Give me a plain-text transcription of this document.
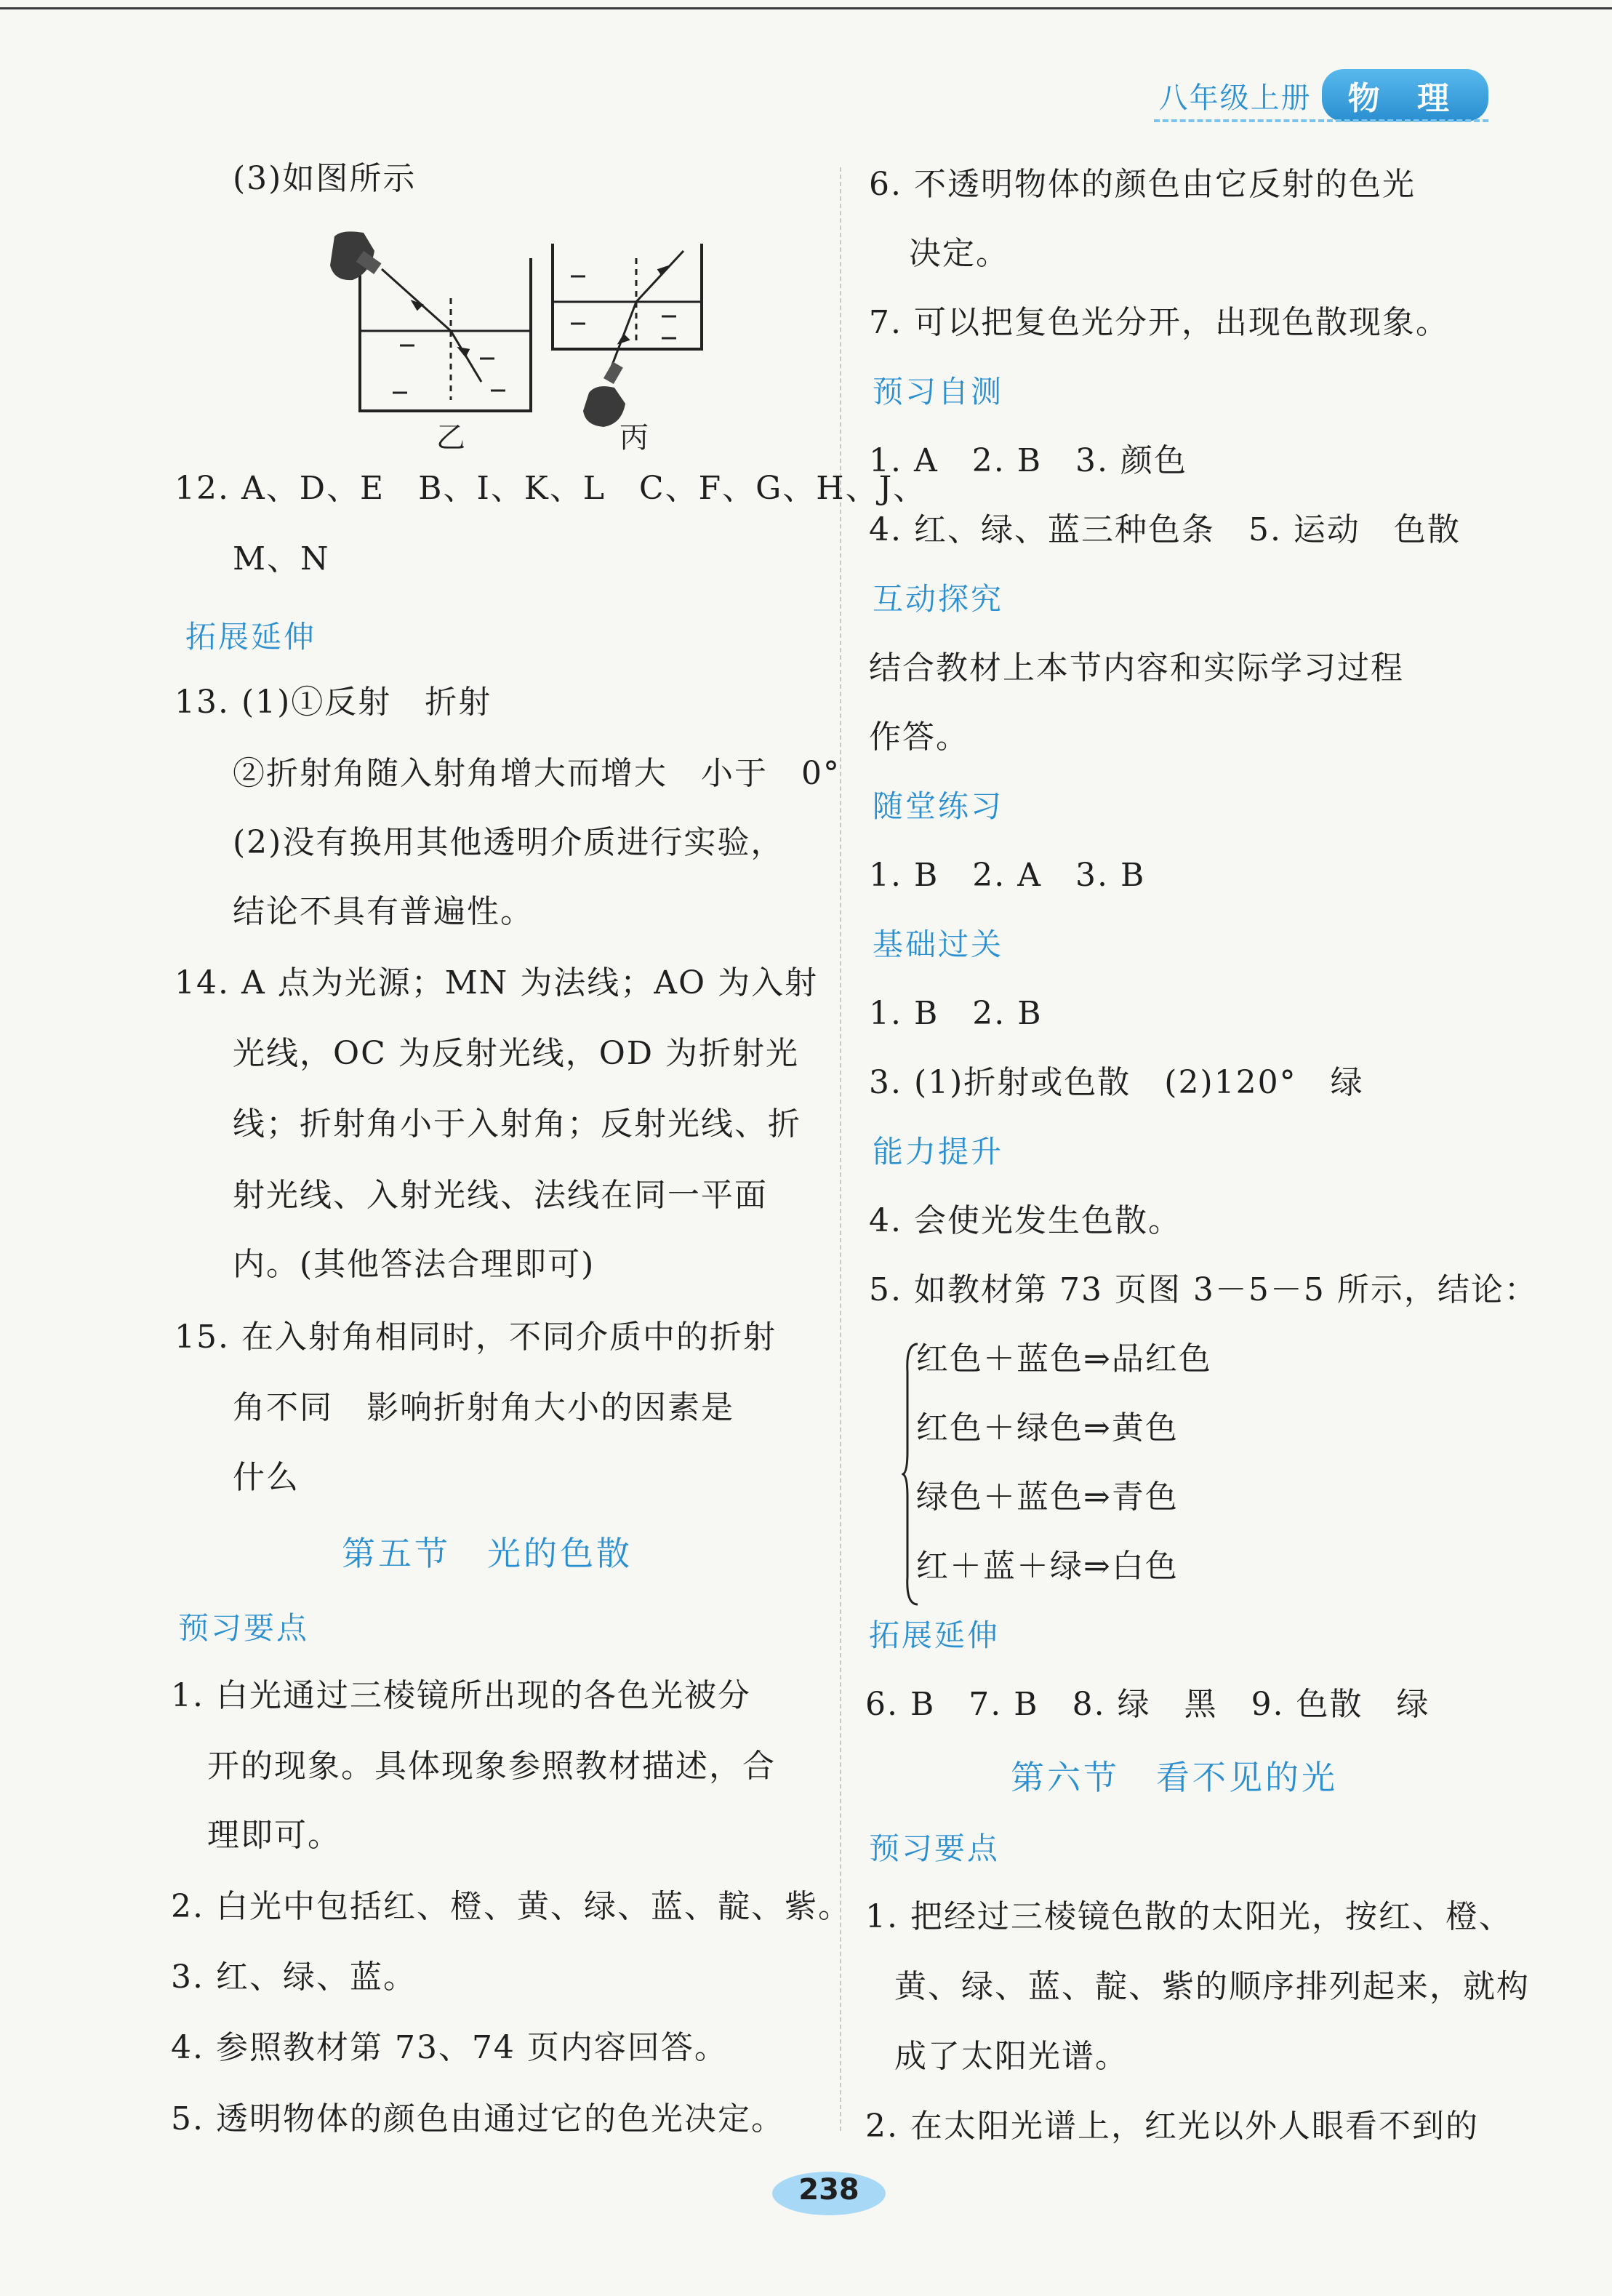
八年级上册	物 理
乙	丙
(3)如图所示
12. A、D、E　B、I、K、L　C、F、G、H、J、
M、N
拓展延伸
13. (1)①反射　折射
②折射角随入射角增大而增大　小于　0°
(2)没有换用其他透明介质进行实验，
结论不具有普遍性。
14. A 点为光源；MN 为法线；AO 为入射
光线，OC 为反射光线，OD 为折射光
线；折射角小于入射角；反射光线、折
射光线、入射光线、法线在同一平面
内。(其他答法合理即可)
15. 在入射角相同时，不同介质中的折射
角不同　影响折射角大小的因素是
什么
第五节　光的色散
预习要点
1. 白光通过三棱镜所出现的各色光被分
开的现象。具体现象参照教材描述，合
理即可。
2. 白光中包括红、橙、黄、绿、蓝、靛、紫。
3. 红、绿、蓝。
4. 参照教材第 73、74 页内容回答。
5. 透明物体的颜色由通过它的色光决定。
6. 不透明物体的颜色由它反射的色光
决定。
7. 可以把复色光分开，出现色散现象。
预习自测
1. A　2. B　3. 颜色
4. 红、绿、蓝三种色条　5. 运动　色散
互动探究
结合教材上本节内容和实际学习过程
作答。
随堂练习
1. B　2. A　3. B
基础过关
1. B　2. B
3. (1)折射或色散　(2)120°　绿
能力提升
4. 会使光发生色散。
5. 如教材第 73 页图 3－5－5 所示，结论：
红色＋蓝色⇒品红色
红色＋绿色⇒黄色
绿色＋蓝色⇒青色
红＋蓝＋绿⇒白色
拓展延伸
6. B　7. B　8. 绿　黑　9. 色散　绿
第六节　看不见的光
预习要点
1. 把经过三棱镜色散的太阳光，按红、橙、
黄、绿、蓝、靛、紫的顺序排列起来，就构
成了太阳光谱。
2. 在太阳光谱上，红光以外人眼看不到的
238
